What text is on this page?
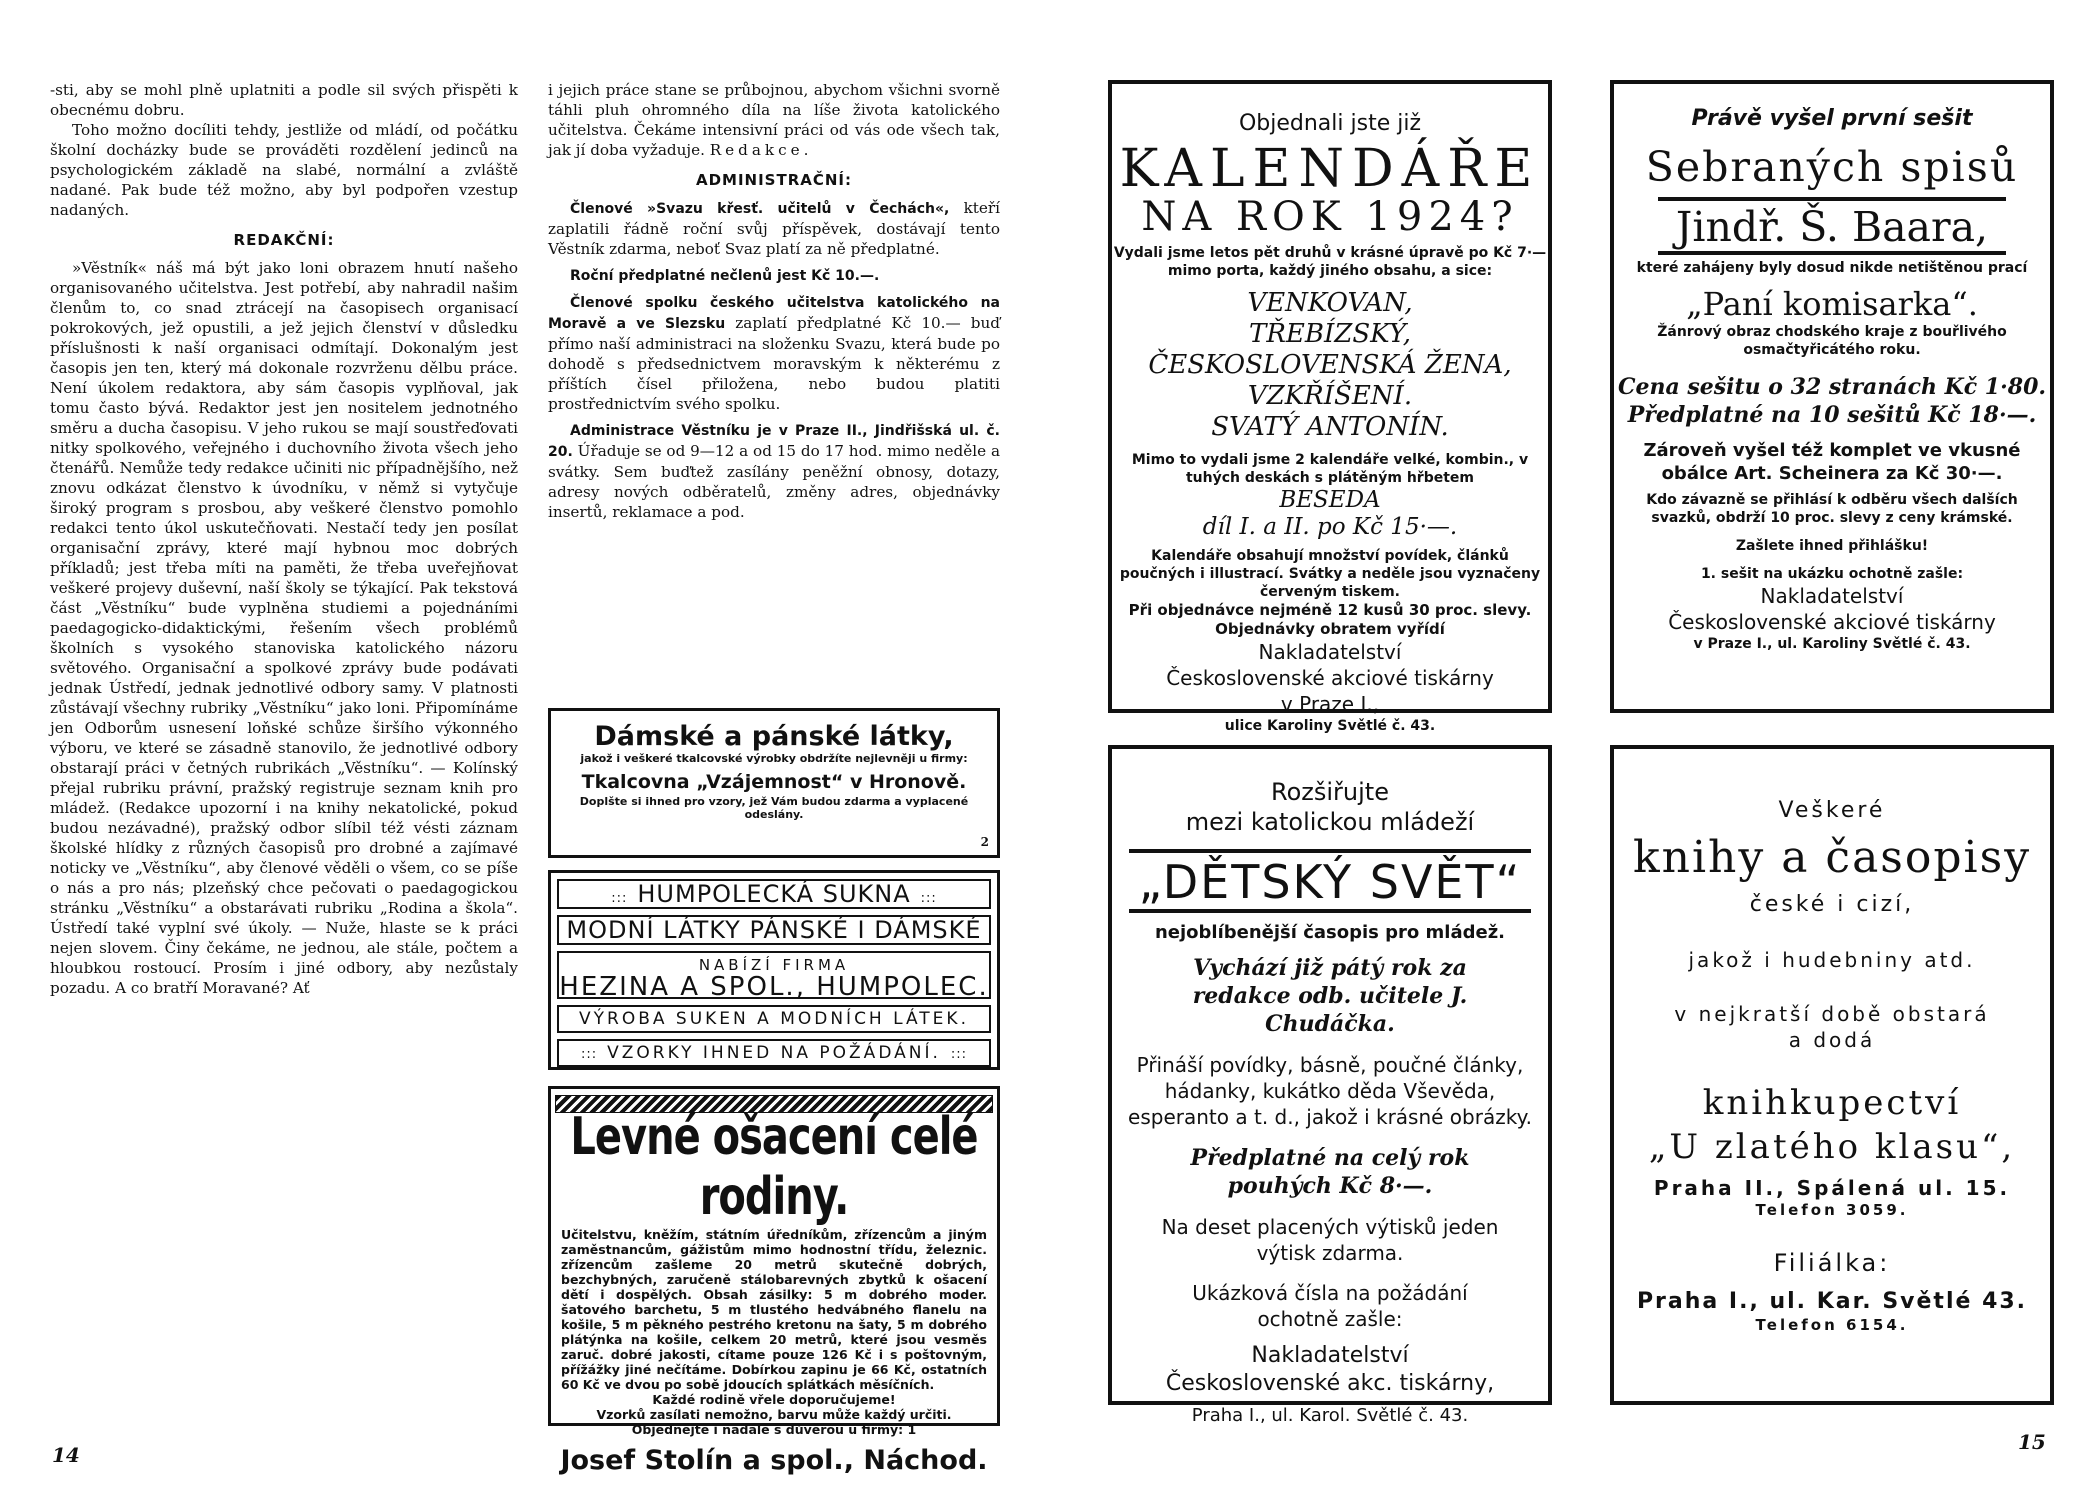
-sti, aby se mohl plně uplatniti a podle sil svých přispěti k obecnému dobru.

Toho možno docíliti tehdy, jestliže od mládí, od počátku školní docházky bude se prováděti rozdělení jedinců na psychologickém základě na slabé, normální a zvláště nadané. Pak bude též možno, aby byl podpořen vzestup nadaných.

REDAKČNÍ:

»Věstník« náš má být jako loni obrazem hnutí našeho organisovaného učitelstva. Jest potřebí, aby nahradil našim členům to, co snad ztrácejí na časopisech organisací pokrokových, jež opustili, a jež jejich členství v důsledku příslušnosti k naší organisaci odmítají. Dokonalým jest časopis jen ten, který má dokonale rozvrženu dělbu práce. Není úkolem redaktora, aby sám časopis vyplňoval, jak tomu často bývá. Redaktor jest jen nositelem jednotného směru a ducha časopisu. V jeho rukou se mají soustřeďovati nitky spolkového, veřejného i duchovního života všech jeho čtenářů. Nemůže tedy redakce učiniti nic případnějšího, než znovu odkázat členstvo k úvodníku, v němž si vytyčuje široký program s prosbou, aby veškeré členstvo pomohlo redakci tento úkol uskutečňovati. Nestačí tedy jen posílat organisační zprávy, které mají hybnou moc dobrých příkladů; jest třeba míti na paměti, že třeba uveřejňovat veškeré projevy duševní, naší školy se týkající. Pak tekstová část „Věstníku“ bude vyplněna studiemi a pojednáními paedagogicko-didaktickými, řešením všech problémů školních s vysokého stanoviska katolického názoru světového. Organisační a spolkové zprávy bude podávati jednak Ústředí, jednak jednotlivé odbory samy. V platnosti zůstávají všechny rubriky „Věstníku“ jako loni. Připomínáme jen Odborům usnesení loňské schůze širšího výkonného výboru, ve které se zásadně stanovilo, že jednotlivé odbory obstarají práci v četných rubrikách „Věstníku“. — Kolínský přejal rubriku právní, pražský registruje seznam knih pro mládež. (Redakce upozorní i na knihy nekatolické, pokud budou nezávadné), pražský odbor slíbil též vésti záznam školské hlídky z různých časopisů pro drobné a zajímavé noticky ve „Věstníku“, aby členové věděli o všem, co se píše o nás a pro nás; plzeňský chce pečovati o paedagogickou stránku „Věstníku“ a obstarávati rubriku „Rodina a škola“. Ústředí také vyplní své úkoly. — Nuže, hlaste se k práci nejen slovem. Činy čekáme, ne jednou, ale stále, počtem a hloubkou rostoucí. Prosím i jiné odbory, aby nezůstaly pozadu. A co bratří Moravané? Ať

i jejich práce stane se průbojnou, abychom všichni svorně táhli pluh ohromného díla na líše života katolického učitelstva. Čekáme intensivní práci od vás ode všech tak, jak jí doba vyžaduje. Redakce.

ADMINISTRAČNÍ:

Členové »Svazu křesť. učitelů v Čechách«, kteří zaplatili řádně roční svůj příspěvek, dostávají tento Věstník zdarma, neboť Svaz platí za ně předplatné.

Roční předplatné nečlenů jest Kč 10.—.

Členové spolku českého učitelstva katolického na Moravě a ve Slezsku zaplatí předplatné Kč 10.— buď přímo naší administraci na složenku Svazu, která bude po dohodě s předsednictvem moravským k některému z příštích čísel přiložena, nebo budou platiti prostřednictvím svého spolku.

Administrace Věstníku je v Praze II., Jindřišská ul. č. 20. Úřaduje se od 9—12 a od 15 do 17 hod. mimo neděle a svátky. Sem buďtež zasílány peněžní obnosy, dotazy, adresy nových odběratelů, změny adres, objednávky insertů, reklamace a pod.

Dámské a pánské látky,
jakož i veškeré tkalcovské výrobky obdržíte nejlevněji u firmy:
Tkalcovna „Vzájemnost“ v Hronově.
Doplšte si ihned pro vzory, jež Vám budou zdarma a vyplacené odeslány.
2
::: HUMPOLECKÁ SUKNA :::
MODNÍ LÁTKY PÁNSKÉ I DÁMSKÉ
NABÍZÍ FIRMA
HEZINA A SPOL., HUMPOLEC.
VÝROBA SUKEN A MODNÍCH LÁTEK.
::: VZORKY IHNED NA POŽÁDÁNÍ. :::
Levné ošacení celé rodiny.
Učitelstvu, kněžím, státním úředníkům, zřízencům a jiným zaměstnancům, gážistům mimo hodnostní třídu, železnic. zřízencům zašleme 20 metrů skutečně dobrých, bezchybných, zaručeně stálobarevných zbytků k ošacení dětí i dospělých. Obsah zásilky: 5 m dobrého moder. šatového barchetu, 5 m tlustého hedvábného flanelu na košile, 5 m pěkného pestrého kretonu na šaty, 5 m dobrého plátýnka na košile, celkem 20 metrů, které jsou vesměs zaruč. dobré jakosti, cítame pouze 126 Kč i s poštovným, přížážky jiné nečítáme. Dobírkou zapinu je 66 Kč, ostatních 60 Kč ve dvou po sobě jdoucích splátkách měsíčních.
Každé rodině vřele doporučujeme!
Vzorků zasílati nemožno, barvu může každý určiti. Objednejte i nadále s důvěrou u firmy: 1
Josef Stolín a spol., Náchod.
14
Objednali jste již
KALENDÁŘE
NA ROK 1924?
Vydali jsme letos pět druhů v krásné úpravě po Kč 7·— mimo porta, každý jiného obsahu, a sice:
VENKOVAN,
TŘEBÍZSKÝ,
ČESKOSLOVENSKÁ ŽENA,
VZKŘÍŠENÍ.
SVATÝ ANTONÍN.
Mimo to vydali jsme 2 kalendáře velké, kombin., v tuhých deskách s plátěným hřbetem
BESEDA
díl I. a II. po Kč 15·—.
Kalendáře obsahují množství povídek, článků poučných i illustrací. Svátky a neděle jsou vyznačeny červeným tiskem.
Při objednávce nejméně 12 kusů 30 proc. slevy.
Objednávky obratem vyřídí
Nakladatelství
Československé akciové tiskárny
v Praze I.,
ulice Karoliny Světlé č. 43.
Právě vyšel první sešit
Sebraných spisů
Jindř. Š. Baara,
které zahájeny byly dosud nikde netištěnou prací
„Paní komisarka“.
Žánrový obraz chodského kraje z bouřlivého osmačtyřicátého roku.
Cena sešitu o 32 stranách Kč 1·80.
Předplatné na 10 sešitů Kč 18·—.
Zároveň vyšel též komplet ve vkusné obálce Art. Scheinera za Kč 30·—.
Kdo závazně se přihlásí k odběru všech dalších svazků, obdrží 10 proc. slevy z ceny krámské.
Zašlete ihned přihlášku!
1. sešit na ukázku ochotně zašle:
Nakladatelství
Československé akciové tiskárny
v Praze I., ul. Karoliny Světlé č. 43.
Rozšiřujte
mezi katolickou mládeží
„DĚTSKÝ SVĚT“
nejoblíbenější časopis pro mládež.
Vychází již pátý rok za redakce odb. učitele J. Chudáčka.
Přináší povídky, básně, poučné články, hádanky, kukátko děda Vševěda, esperanto a t. d., jakož i krásné obrázky.
Předplatné na celý rok pouhých Kč 8·—.
Na deset placených výtisků jeden výtisk zdarma.
Ukázková čísla na požádání ochotně zašle:
Nakladatelství
Československé akc. tiskárny,
Praha I., ul. Karol. Světlé č. 43.
Veškeré
knihy a časopisy
české i cizí,
jakož i hudebniny atd.
v nejkratší době obstará
a dodá
knihkupectví
„U zlatého klasu“,
Praha II., Spálená ul. 15.
Telefon 3059.
Filiálka:
Praha I., ul. Kar. Světlé 43.
Telefon 6154.
15
